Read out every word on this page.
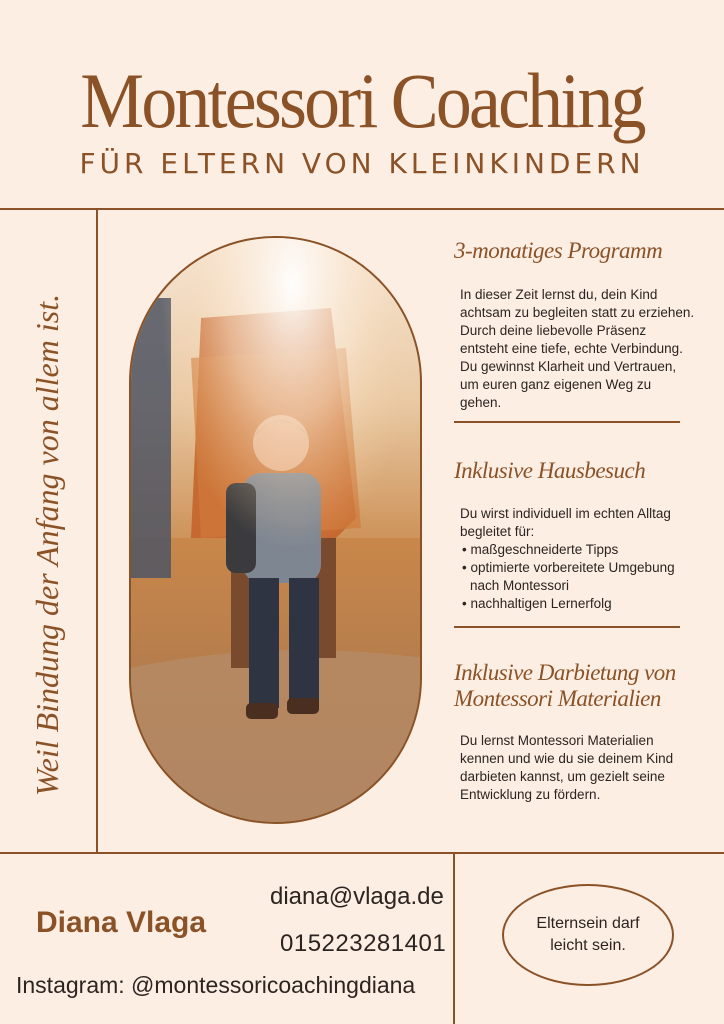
Montessori Coaching
FÜR ELTERN VON KLEINKINDERN
Weil Bindung der Anfang von allem ist.
3-monatiges Programm
In dieser Zeit lernst du, dein Kind achtsam zu begleiten statt zu erziehen. Durch deine liebevolle Präsenz entsteht eine tiefe, echte Verbindung. Du gewinnst Klarheit und Vertrauen, um euren ganz eigenen Weg zu gehen.
Inklusive Hausbesuch
Du wirst individuell im echten Alltag begleitet für:
• maßgeschneiderte Tipps
• optimierte vorbereitete Umgebung nach Montessori
• nachhaltigen Lernerfolg
Inklusive Darbietung von
Montessori Materialien
Du lernst Montessori Materialien kennen und wie du sie deinem Kind darbieten kannst, um gezielt seine Entwicklung zu fördern.
Diana Vlaga
diana@vlaga.de
015223281401
Instagram: @montessoricoachingdiana
Elternsein darf leicht sein.
